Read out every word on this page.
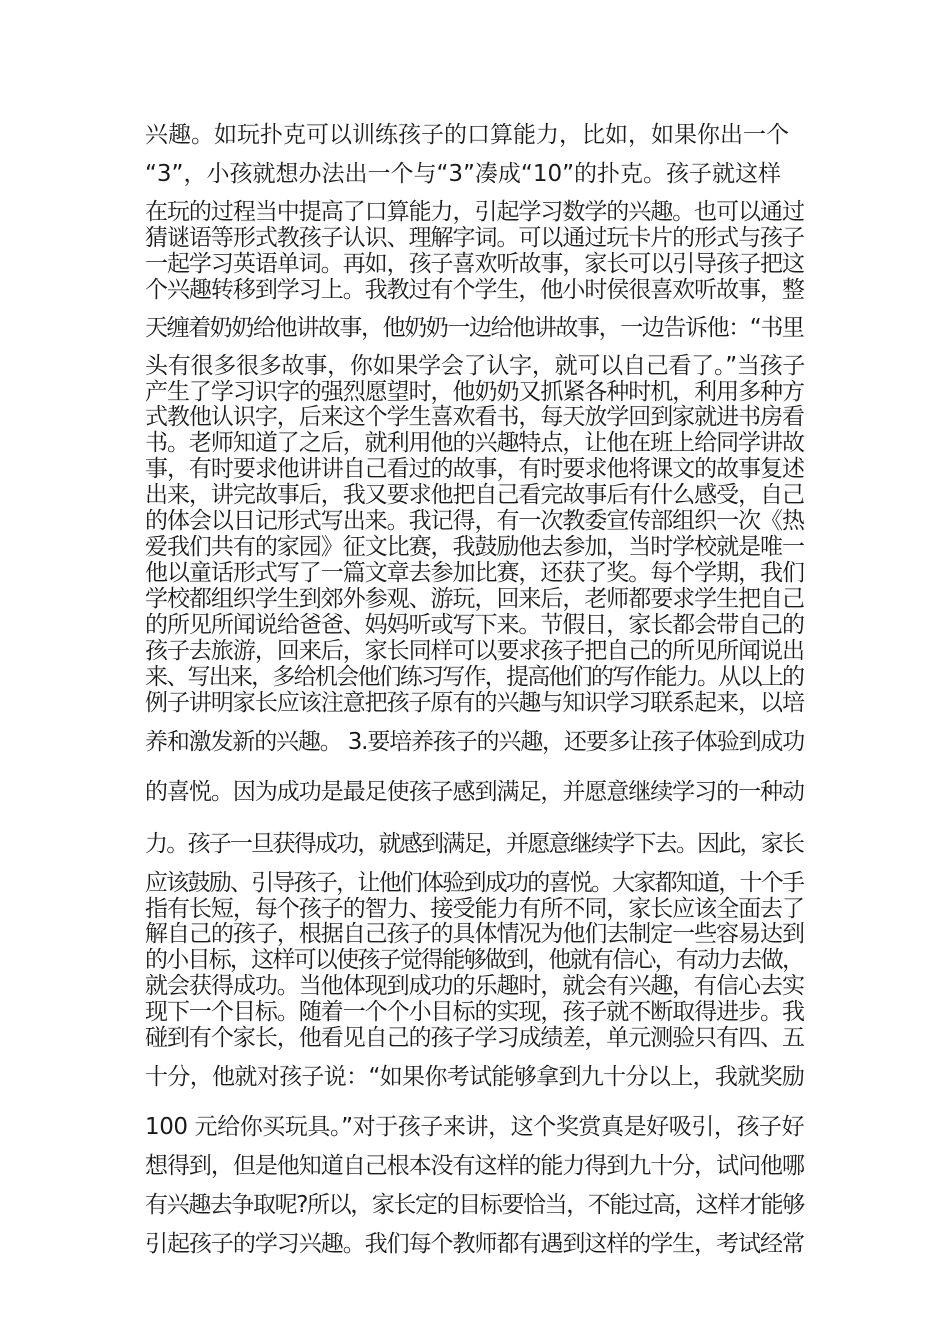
兴趣。如玩扑克可以训练孩子的口算能力，比如，如果你出一个
“3”，小孩就想办法出一个与“3”凑成“10”的扑克。孩子就这样
在玩的过程当中提高了口算能力，引起学习数学的兴趣。也可以通过
猜谜语等形式教孩子认识、理解字词。可以通过玩卡片的形式与孩子
一起学习英语单词。再如，孩子喜欢听故事，家长可以引导孩子把这
个兴趣转移到学习上。我教过有个学生，他小时侯很喜欢听故事，整
天缠着奶奶给他讲故事，他奶奶一边给他讲故事，一边告诉他：“书里
头有很多很多故事，你如果学会了认字，就可以自己看了。”当孩子
产生了学习识字的强烈愿望时，他奶奶又抓紧各种时机，利用多种方
式教他认识字，后来这个学生喜欢看书，每天放学回到家就进书房看
书。老师知道了之后，就利用他的兴趣特点，让他在班上给同学讲故
事，有时要求他讲讲自己看过的故事，有时要求他将课文的故事复述
出来，讲完故事后，我又要求他把自己看完故事后有什么感受，自己
的体会以日记形式写出来。我记得，有一次教委宣传部组织一次《热
爱我们共有的家园》征文比赛，我鼓励他去参加，当时学校就是唯一
他以童话形式写了一篇文章去参加比赛，还获了奖。每个学期，我们
学校都组织学生到郊外参观、游玩，回来后，老师都要求学生把自己
的所见所闻说给爸爸、妈妈听或写下来。节假日，家长都会带自己的
孩子去旅游，回来后，家长同样可以要求孩子把自己的所见所闻说出
来、写出来，多给机会他们练习写作，提高他们的写作能力。从以上的
例子讲明家长应该注意把孩子原有的兴趣与知识学习联系起来，以培
养和激发新的兴趣。 3.要培养孩子的兴趣，还要多让孩子体验到成功
的喜悦。因为成功是最足使孩子感到满足，并愿意继续学习的一种动
力。孩子一旦获得成功，就感到满足，并愿意继续学下去。因此，家长
应该鼓励、引导孩子，让他们体验到成功的喜悦。大家都知道，十个手
指有长短，每个孩子的智力、接受能力有所不同，家长应该全面去了
解自己的孩子，根据自己孩子的具体情况为他们去制定一些容易达到
的小目标，这样可以使孩子觉得能够做到，他就有信心，有动力去做，
就会获得成功。当他体现到成功的乐趣时，就会有兴趣，有信心去实
现下一个目标。随着一个个小目标的实现，孩子就不断取得进步。我
碰到有个家长，他看见自己的孩子学习成绩差，单元测验只有四、五
十分，他就对孩子说：“如果你考试能够拿到九十分以上，我就奖励
100 元给你买玩具。”对于孩子来讲，这个奖赏真是好吸引，孩子好
想得到，但是他知道自己根本没有这样的能力得到九十分，试问他哪
有兴趣去争取呢?所以，家长定的目标要恰当，不能过高，这样才能够
引起孩子的学习兴趣。我们每个教师都有遇到这样的学生，考试经常
